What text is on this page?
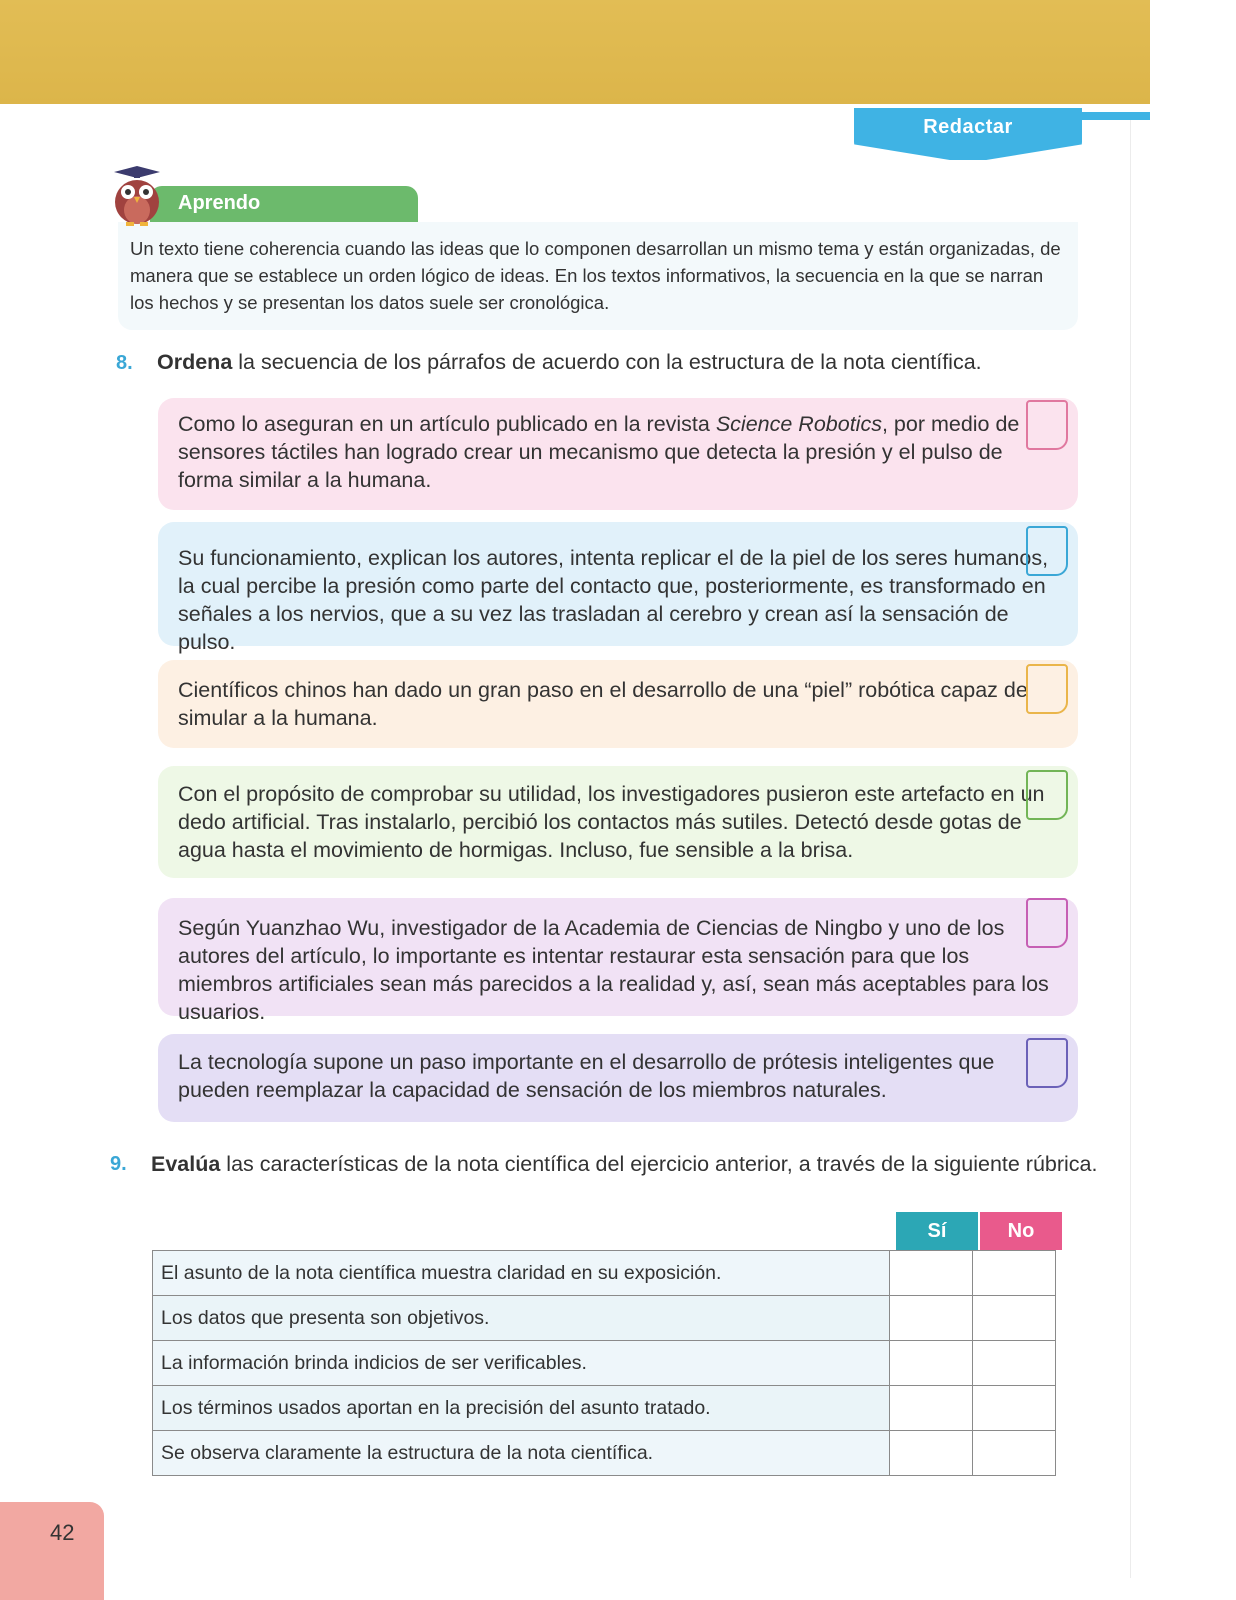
Redactar
Aprendo
Un texto tiene coherencia cuando las ideas que lo componen desarrollan un mismo tema y están organizadas, de manera que se establece un orden lógico de ideas. En los textos informativos, la secuencia en la que se narran los hechos y se presentan los datos suele ser cronológica.
8. Ordena la secuencia de los párrafos de acuerdo con la estructura de la nota científica.
Como lo aseguran en un artículo publicado en la revista Science Robotics, por medio de sensores táctiles han logrado crear un mecanismo que detecta la presión y el pulso de forma similar a la humana.
Su funcionamiento, explican los autores, intenta replicar el de la piel de los seres humanos, la cual percibe la presión como parte del contacto que, posteriormente, es transformado en señales a los nervios, que a su vez las trasladan al cerebro y crean así la sensación de pulso.
Científicos chinos han dado un gran paso en el desarrollo de una “piel” robótica capaz de simular a la humana.
Con el propósito de comprobar su utilidad, los investigadores pusieron este artefacto en un dedo artificial. Tras instalarlo, percibió los contactos más sutiles. Detectó desde gotas de agua hasta el movimiento de hormigas. Incluso, fue sensible a la brisa.
Según Yuanzhao Wu, investigador de la Academia de Ciencias de Ningbo y uno de los autores del artículo, lo importante es intentar restaurar esta sensación para que los miembros artificiales sean más parecidos a la realidad y, así, sean más aceptables para los usuarios.
La tecnología supone un paso importante en el desarrollo de prótesis inteligentes que pueden reemplazar la capacidad de sensación de los miembros naturales.
9. Evalúa las características de la nota científica del ejercicio anterior, a través de la siguiente rúbrica.
Sí	No
El asunto de la nota científica muestra claridad en su exposición.		
Los datos que presenta son objetivos.		
La información brinda indicios de ser verificables.		
Los términos usados aportan en la precisión del asunto tratado.		
Se observa claramente la estructura de la nota científica.		
42
